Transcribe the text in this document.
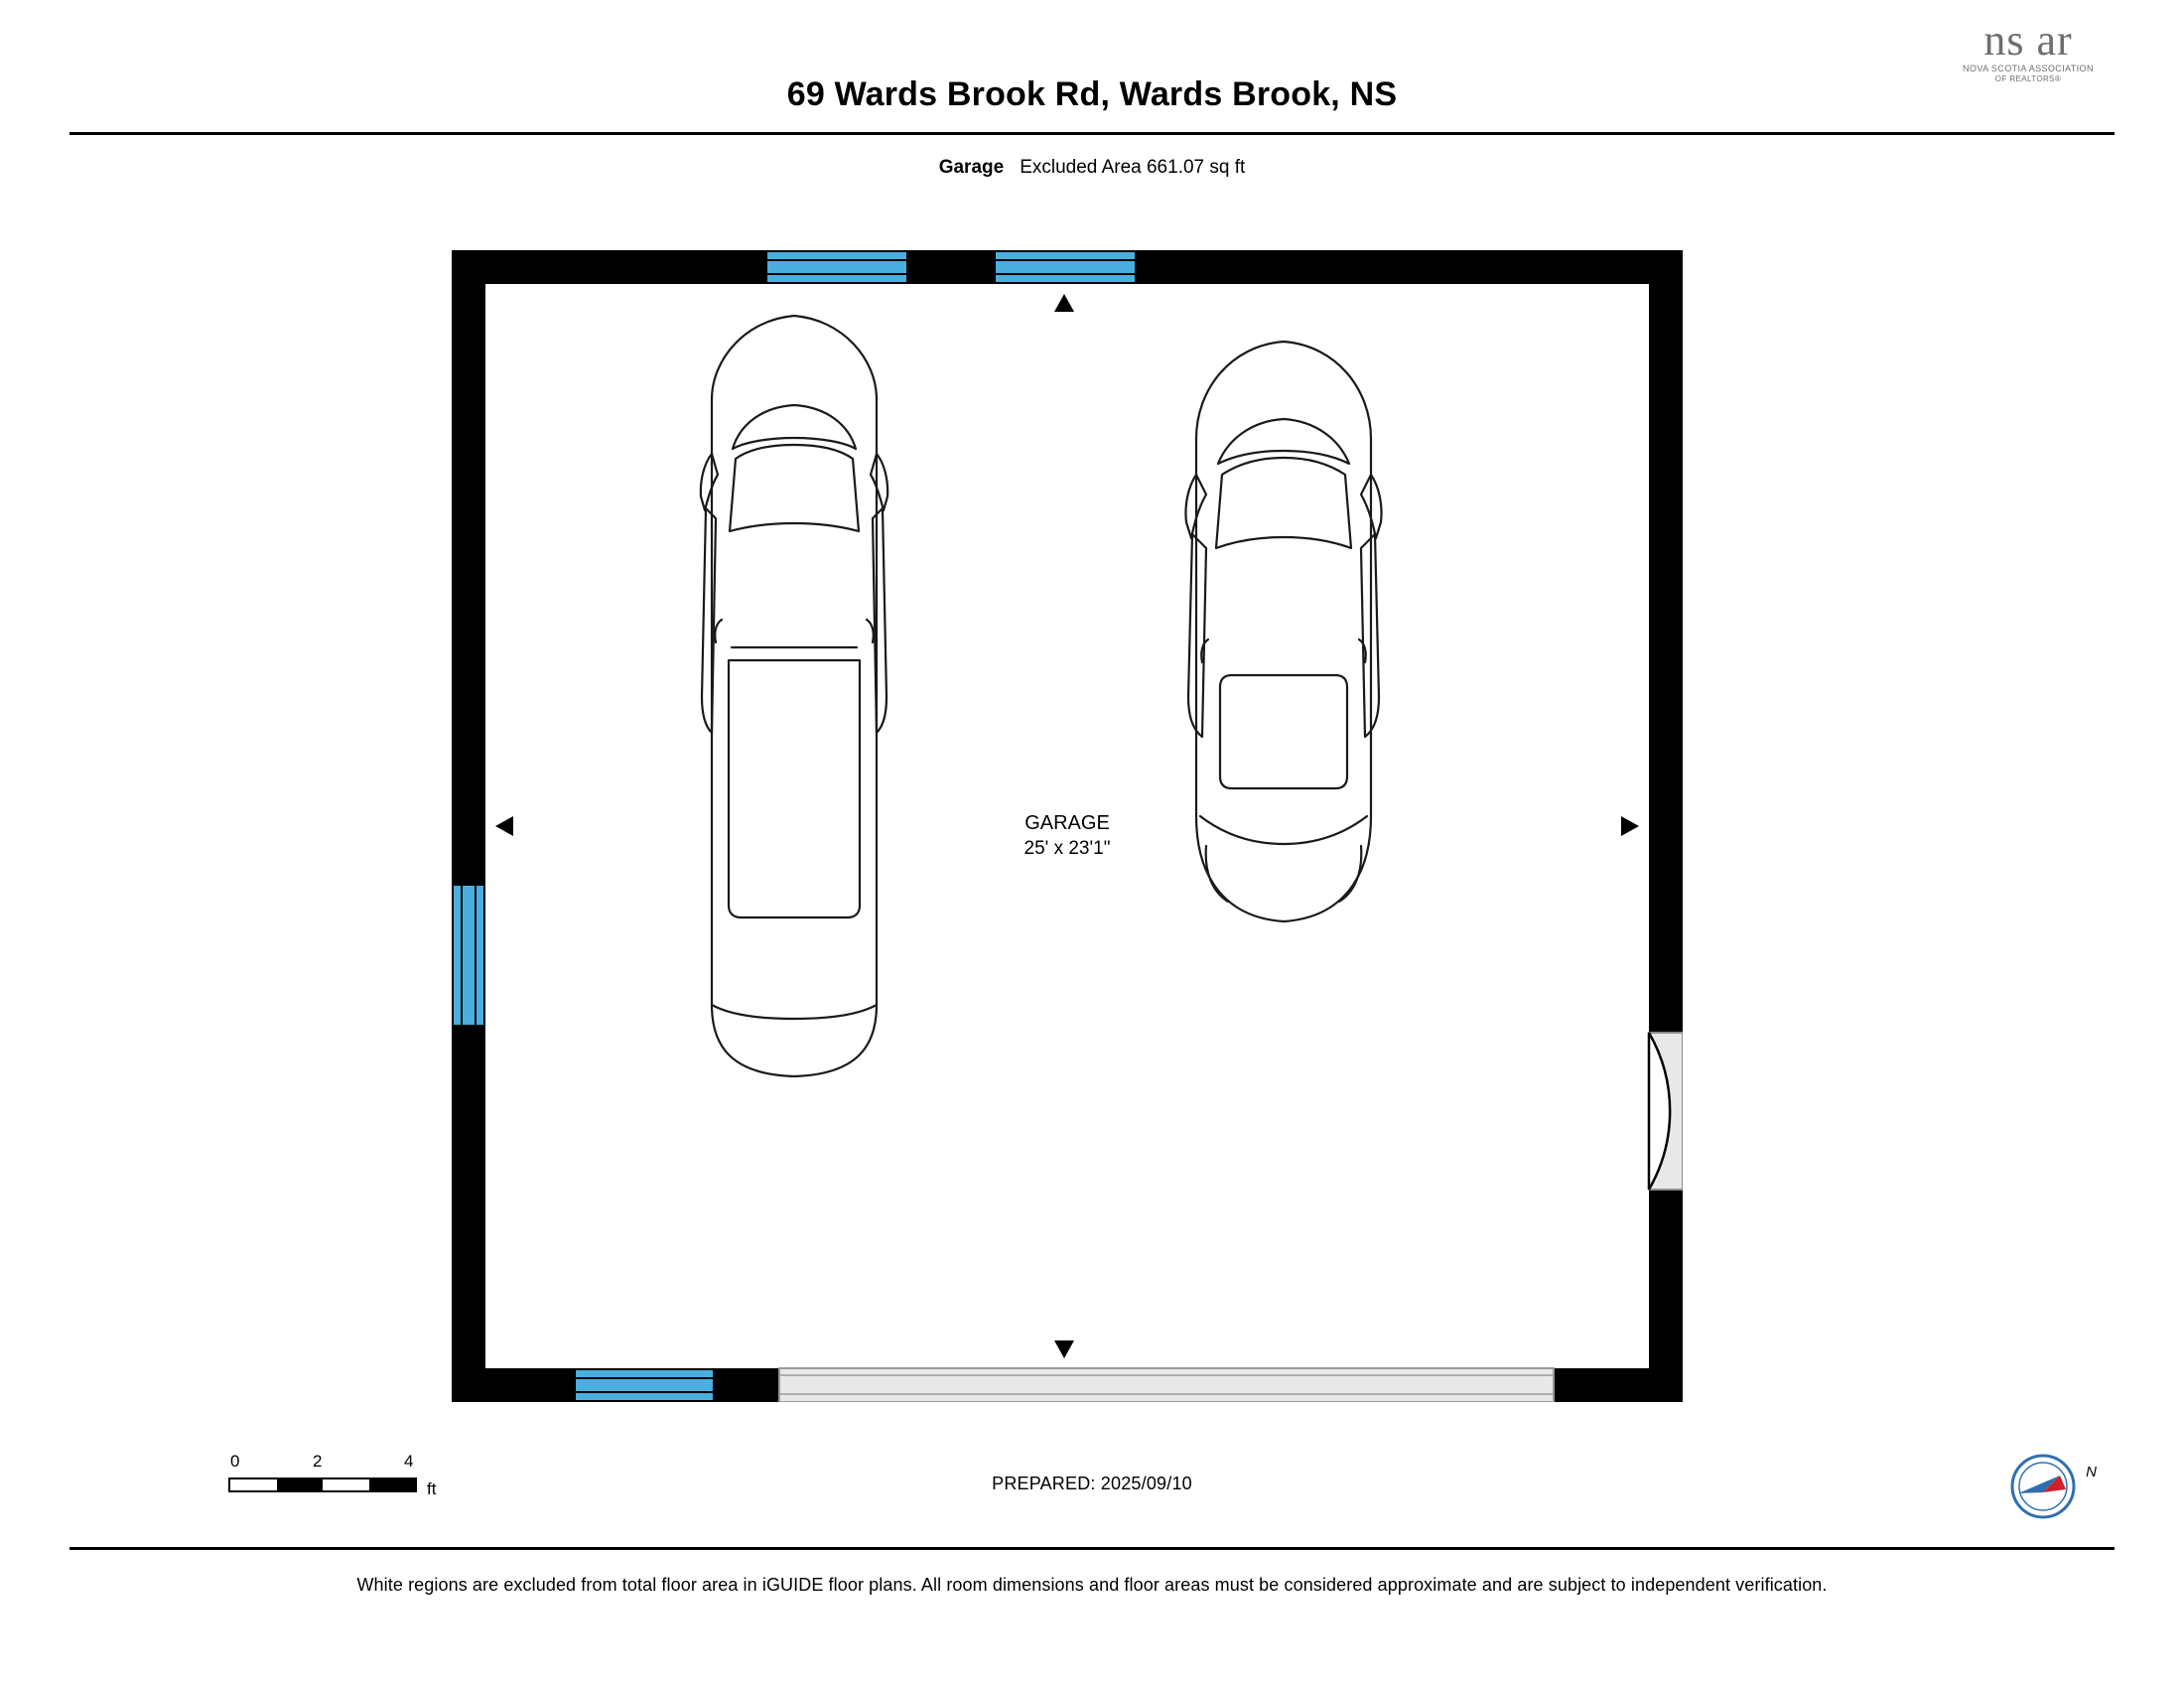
ns ar
NOVA SCOTIA ASSOCIATION
OF REALTORS®
69 Wards Brook Rd, Wards Brook, NS
Garage Excluded Area 661.07 sq ft
GARAGE
25' x 23'1"
0	2	4
ft	PREPARED: 2025/09/10
N
White regions are excluded from total floor area in iGUIDE floor plans. All room dimensions and floor areas must be considered approximate and are subject to independent verification.
